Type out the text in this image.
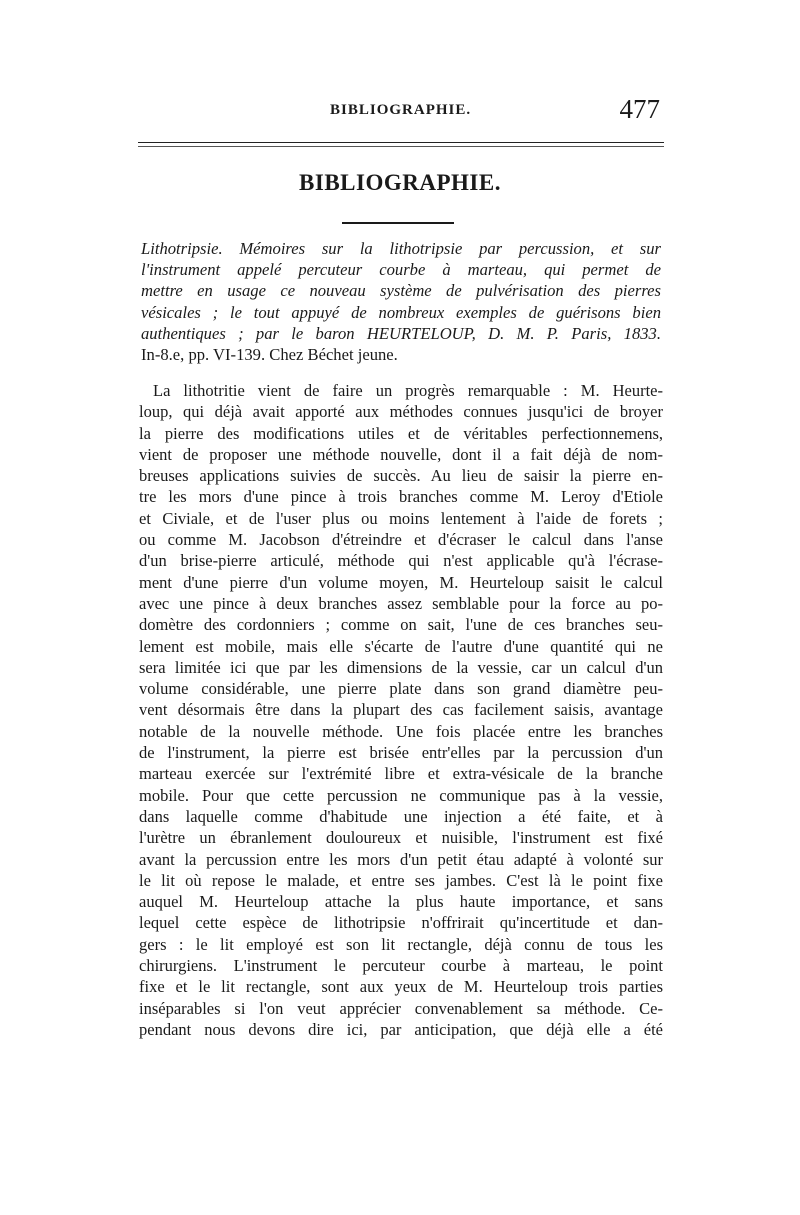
BIBLIOGRAPHIE.	477
BIBLIOGRAPHIE.
Lithotripsie. Mémoires sur la lithotripsie par percussion, et sur
l'instrument appelé percuteur courbe à marteau, qui permet de
mettre en usage ce nouveau système de pulvérisation des pierres
vésicales ; le tout appuyé de nombreux exemples de guérisons bien
authentiques ; par le baron HEURTELOUP, D. M. P. Paris, 1833.
In-8.e, pp. VI-139. Chez Béchet jeune.
La lithotritie vient de faire un progrès remarquable : M. Heurte-
loup, qui déjà avait apporté aux méthodes connues jusqu'ici de broyer
la pierre des modifications utiles et de véritables perfectionnemens,
vient de proposer une méthode nouvelle, dont il a fait déjà de nom-
breuses applications suivies de succès. Au lieu de saisir la pierre en-
tre les mors d'une pince à trois branches comme M. Leroy d'Etiole
et Civiale, et de l'user plus ou moins lentement à l'aide de forets ;
ou comme M. Jacobson d'étreindre et d'écraser le calcul dans l'anse
d'un brise-pierre articulé, méthode qui n'est applicable qu'à l'écrase-
ment d'une pierre d'un volume moyen, M. Heurteloup saisit le calcul
avec une pince à deux branches assez semblable pour la force au po-
domètre des cordonniers ; comme on sait, l'une de ces branches seu-
lement est mobile, mais elle s'écarte de l'autre d'une quantité qui ne
sera limitée ici que par les dimensions de la vessie, car un calcul d'un
volume considérable, une pierre plate dans son grand diamètre peu-
vent désormais être dans la plupart des cas facilement saisis, avantage
notable de la nouvelle méthode. Une fois placée entre les branches
de l'instrument, la pierre est brisée entr'elles par la percussion d'un
marteau exercée sur l'extrémité libre et extra-vésicale de la branche
mobile. Pour que cette percussion ne communique pas à la vessie,
dans laquelle comme d'habitude une injection a été faite, et à
l'urètre un ébranlement douloureux et nuisible, l'instrument est fixé
avant la percussion entre les mors d'un petit étau adapté à volonté sur
le lit où repose le malade, et entre ses jambes. C'est là le point fixe
auquel M. Heurteloup attache la plus haute importance, et sans
lequel cette espèce de lithotripsie n'offrirait qu'incertitude et dan-
gers : le lit employé est son lit rectangle, déjà connu de tous les
chirurgiens. L'instrument le percuteur courbe à marteau, le point
fixe et le lit rectangle, sont aux yeux de M. Heurteloup trois parties
inséparables si l'on veut apprécier convenablement sa méthode. Ce-
pendant nous devons dire ici, par anticipation, que déjà elle a été
